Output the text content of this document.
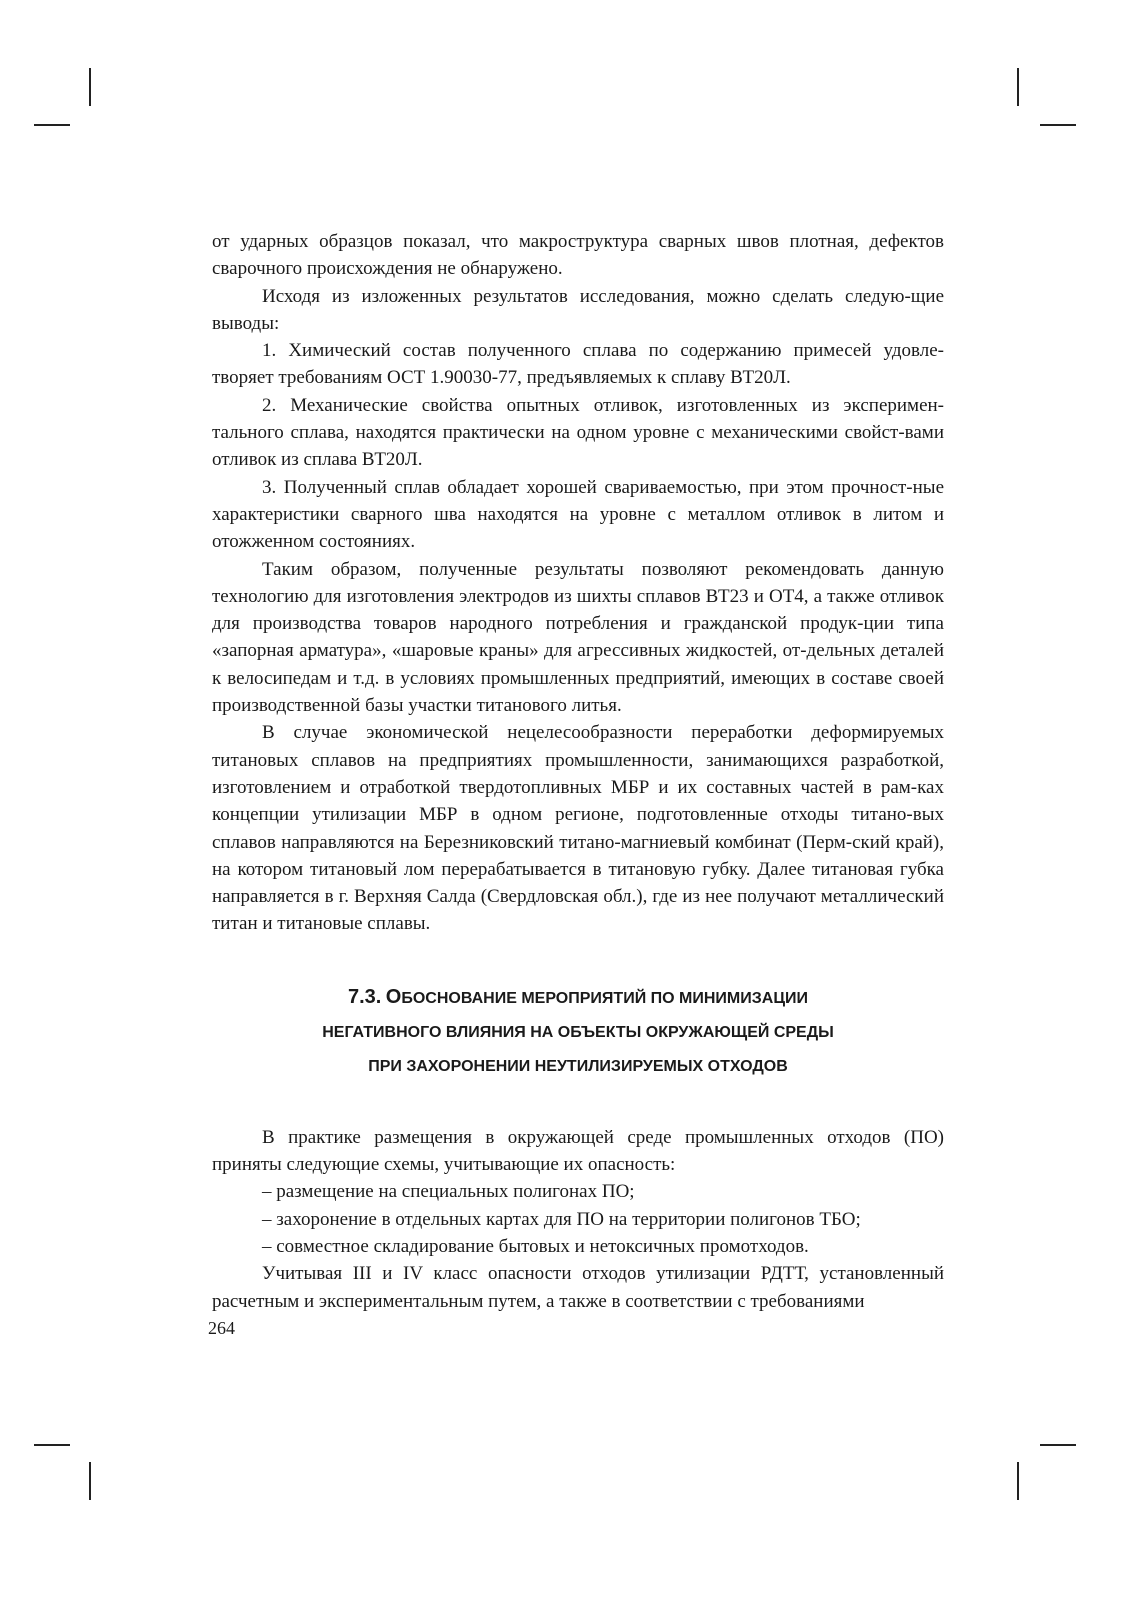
от ударных образцов показал, что макроструктура сварных швов плотная, дефектов сварочного происхождения не обнаружено.

Исходя из изложенных результатов исследования, можно сделать следую-щие выводы:

1. Химический состав полученного сплава по содержанию примесей удовле-творяет требованиям ОСТ 1.90030-77, предъявляемых к сплаву ВТ20Л.

2. Механические свойства опытных отливок, изготовленных из эксперимен-тального сплава, находятся практически на одном уровне с механическими свойст-вами отливок из сплава ВТ20Л.

3. Полученный сплав обладает хорошей свариваемостью, при этом прочност-ные характеристики сварного шва находятся на уровне с металлом отливок в литом и отожженном состояниях.

Таким образом, полученные результаты позволяют рекомендовать данную технологию для изготовления электродов из шихты сплавов ВТ23 и ОТ4, а также отливок для производства товаров народного потребления и гражданской продук-ции типа «запорная арматура», «шаровые краны» для агрессивных жидкостей, от-дельных деталей к велосипедам и т.д. в условиях промышленных предприятий, имеющих в составе своей производственной базы участки титанового литья.

В случае экономической нецелесообразности переработки деформируемых титановых сплавов на предприятиях промышленности, занимающихся разработкой, изготовлением и отработкой твердотопливных МБР и их составных частей в рам-ках концепции утилизации МБР в одном регионе, подготовленные отходы титано-вых сплавов направляются на Березниковский титано-магниевый комбинат (Перм-ский край), на котором титановый лом перерабатывается в титановую губку. Далее титановая губка направляется в г. Верхняя Салда (Свердловская обл.), где из нее получают металлический титан и титановые сплавы.

7.3. ОБОСНОВАНИЕ МЕРОПРИЯТИЙ ПО МИНИМИЗАЦИИ
НЕГАТИВНОГО ВЛИЯНИЯ НА ОБЪЕКТЫ ОКРУЖАЮЩЕЙ СРЕДЫ
ПРИ ЗАХОРОНЕНИИ НЕУТИЛИЗИРУЕМЫХ ОТХОДОВ

В практике размещения в окружающей среде промышленных отходов (ПО) приняты следующие схемы, учитывающие их опасность:

– размещение на специальных полигонах ПО;

– захоронение в отдельных картах для ПО на территории полигонов ТБО;

– совместное складирование бытовых и нетоксичных промотходов.

Учитывая III и IV класс опасности отходов утилизации РДТТ, установленный расчетным и экспериментальным путем, а также в соответствии с требованиями

264
